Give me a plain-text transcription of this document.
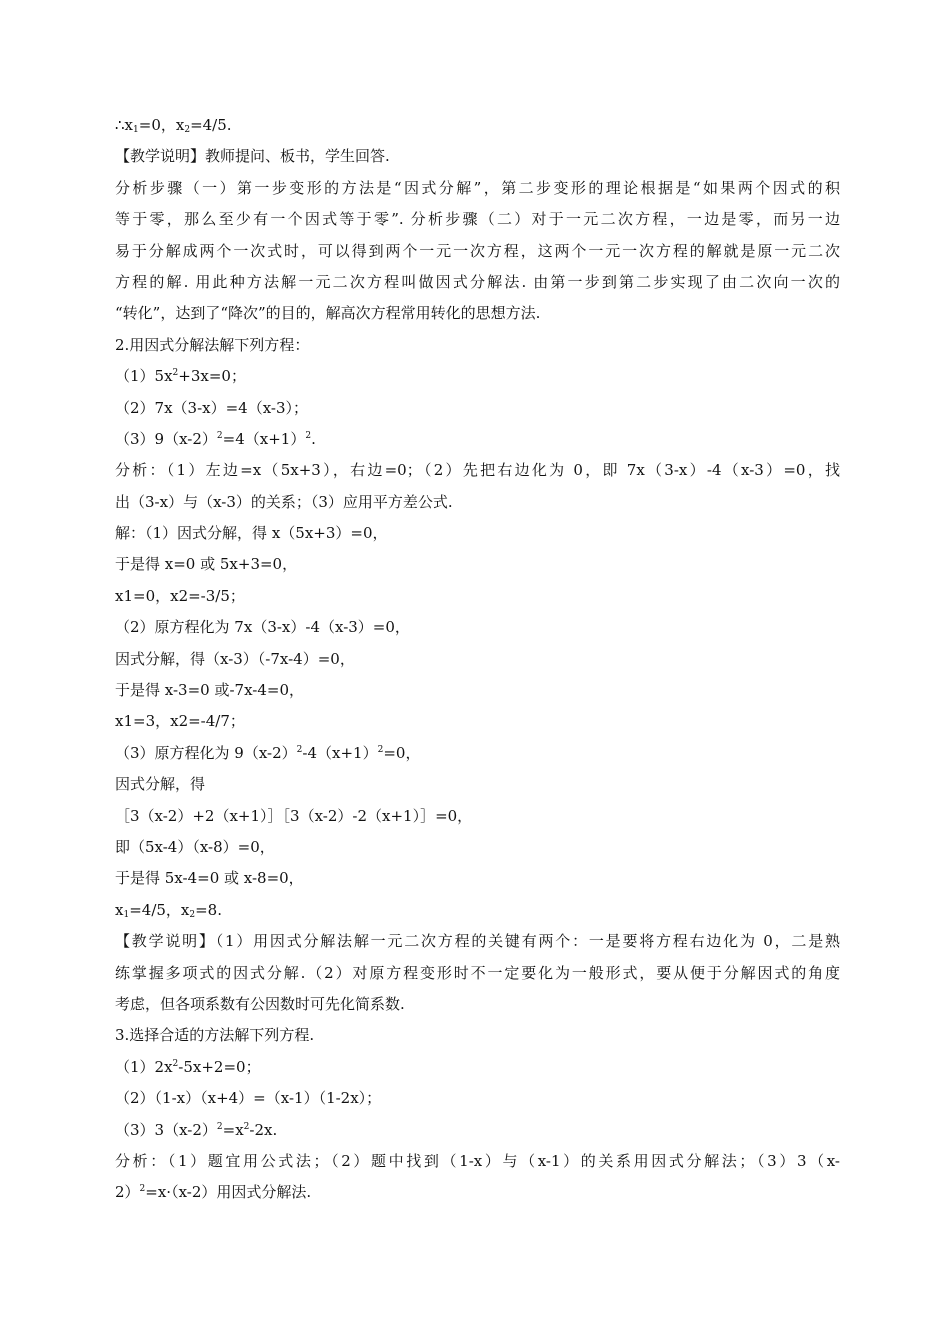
$\therefore x_1=0$，$x_2=4/5$.
【教学说明】教师提问、板书，学生回答.
分析步骤（一）第一步变形的方法是“因式分解”，第二步变形的理论根据是“如果两个因式的积
等于零，那么至少有一个因式等于零”. 分析步骤（二）对于一元二次方程，一边是零，而另一边
易于分解成两个一次式时，可以得到两个一元一次方程，这两个一元一次方程的解就是原一元二次
方程的解. 用此种方法解一元二次方程叫做因式分解法. 由第一步到第二步实现了由二次向一次的
“转化”，达到了“降次”的目的，解高次方程常用转化的思想方法.
2.用因式分解法解下列方程：
$(1)5x^2+3x=0$；
（2）7x（3-x）=4（x-3）；
$(3)9(x-2)^2=4(x+1)^2$.
分析：（1）左边=x（5x+3），右边=0；（2）先把右边化为 0，即 7x（3-x）-4（x-3）=0，找
出（3-x）与（x-3）的关系；（3）应用平方差公式.
解：（1）因式分解，得 x（5x+3）=0，
于是得 x=0 或 5x+3=0，
x1=0，x2=-3/5；
（2）原方程化为 7x（3-x）-4（x-3）=0，
因式分解，得（x-3）（-7x-4）=0，
于是得 x-3=0 或-7x-4=0，
x1=3，x2=-4/7；
（3）原方程化为 $9(x-2)^2-4(x+1)^2=0$，
因式分解，得
［3（x-2）+2（x+1）］［3（x-2）-2（x+1）］=0，
即（5x-4）（x-8）=0，
于是得 5x-4=0 或 x-8=0，
$x_1=4/5$，$x_2=8$.
【教学说明】（1）用因式分解法解一元二次方程的关键有两个：一是要将方程右边化为 0，二是熟
练掌握多项式的因式分解.（2）对原方程变形时不一定要化为一般形式，要从便于分解因式的角度
考虑，但各项系数有公因数时可先化简系数.
3.选择合适的方法解下列方程.
$(1)2x^2-5x+2=0$；
（2）（1-x）（x+4）=（x-1）（1-2x）；
$(3)3(x-2)^2=x^2-2x$.
分析：（1）题宜用公式法；（2）题中找到（1-x）与（x-1）的关系用因式分解法；（3）3（x-
2）$^2$=x·（x-2）用因式分解法.
